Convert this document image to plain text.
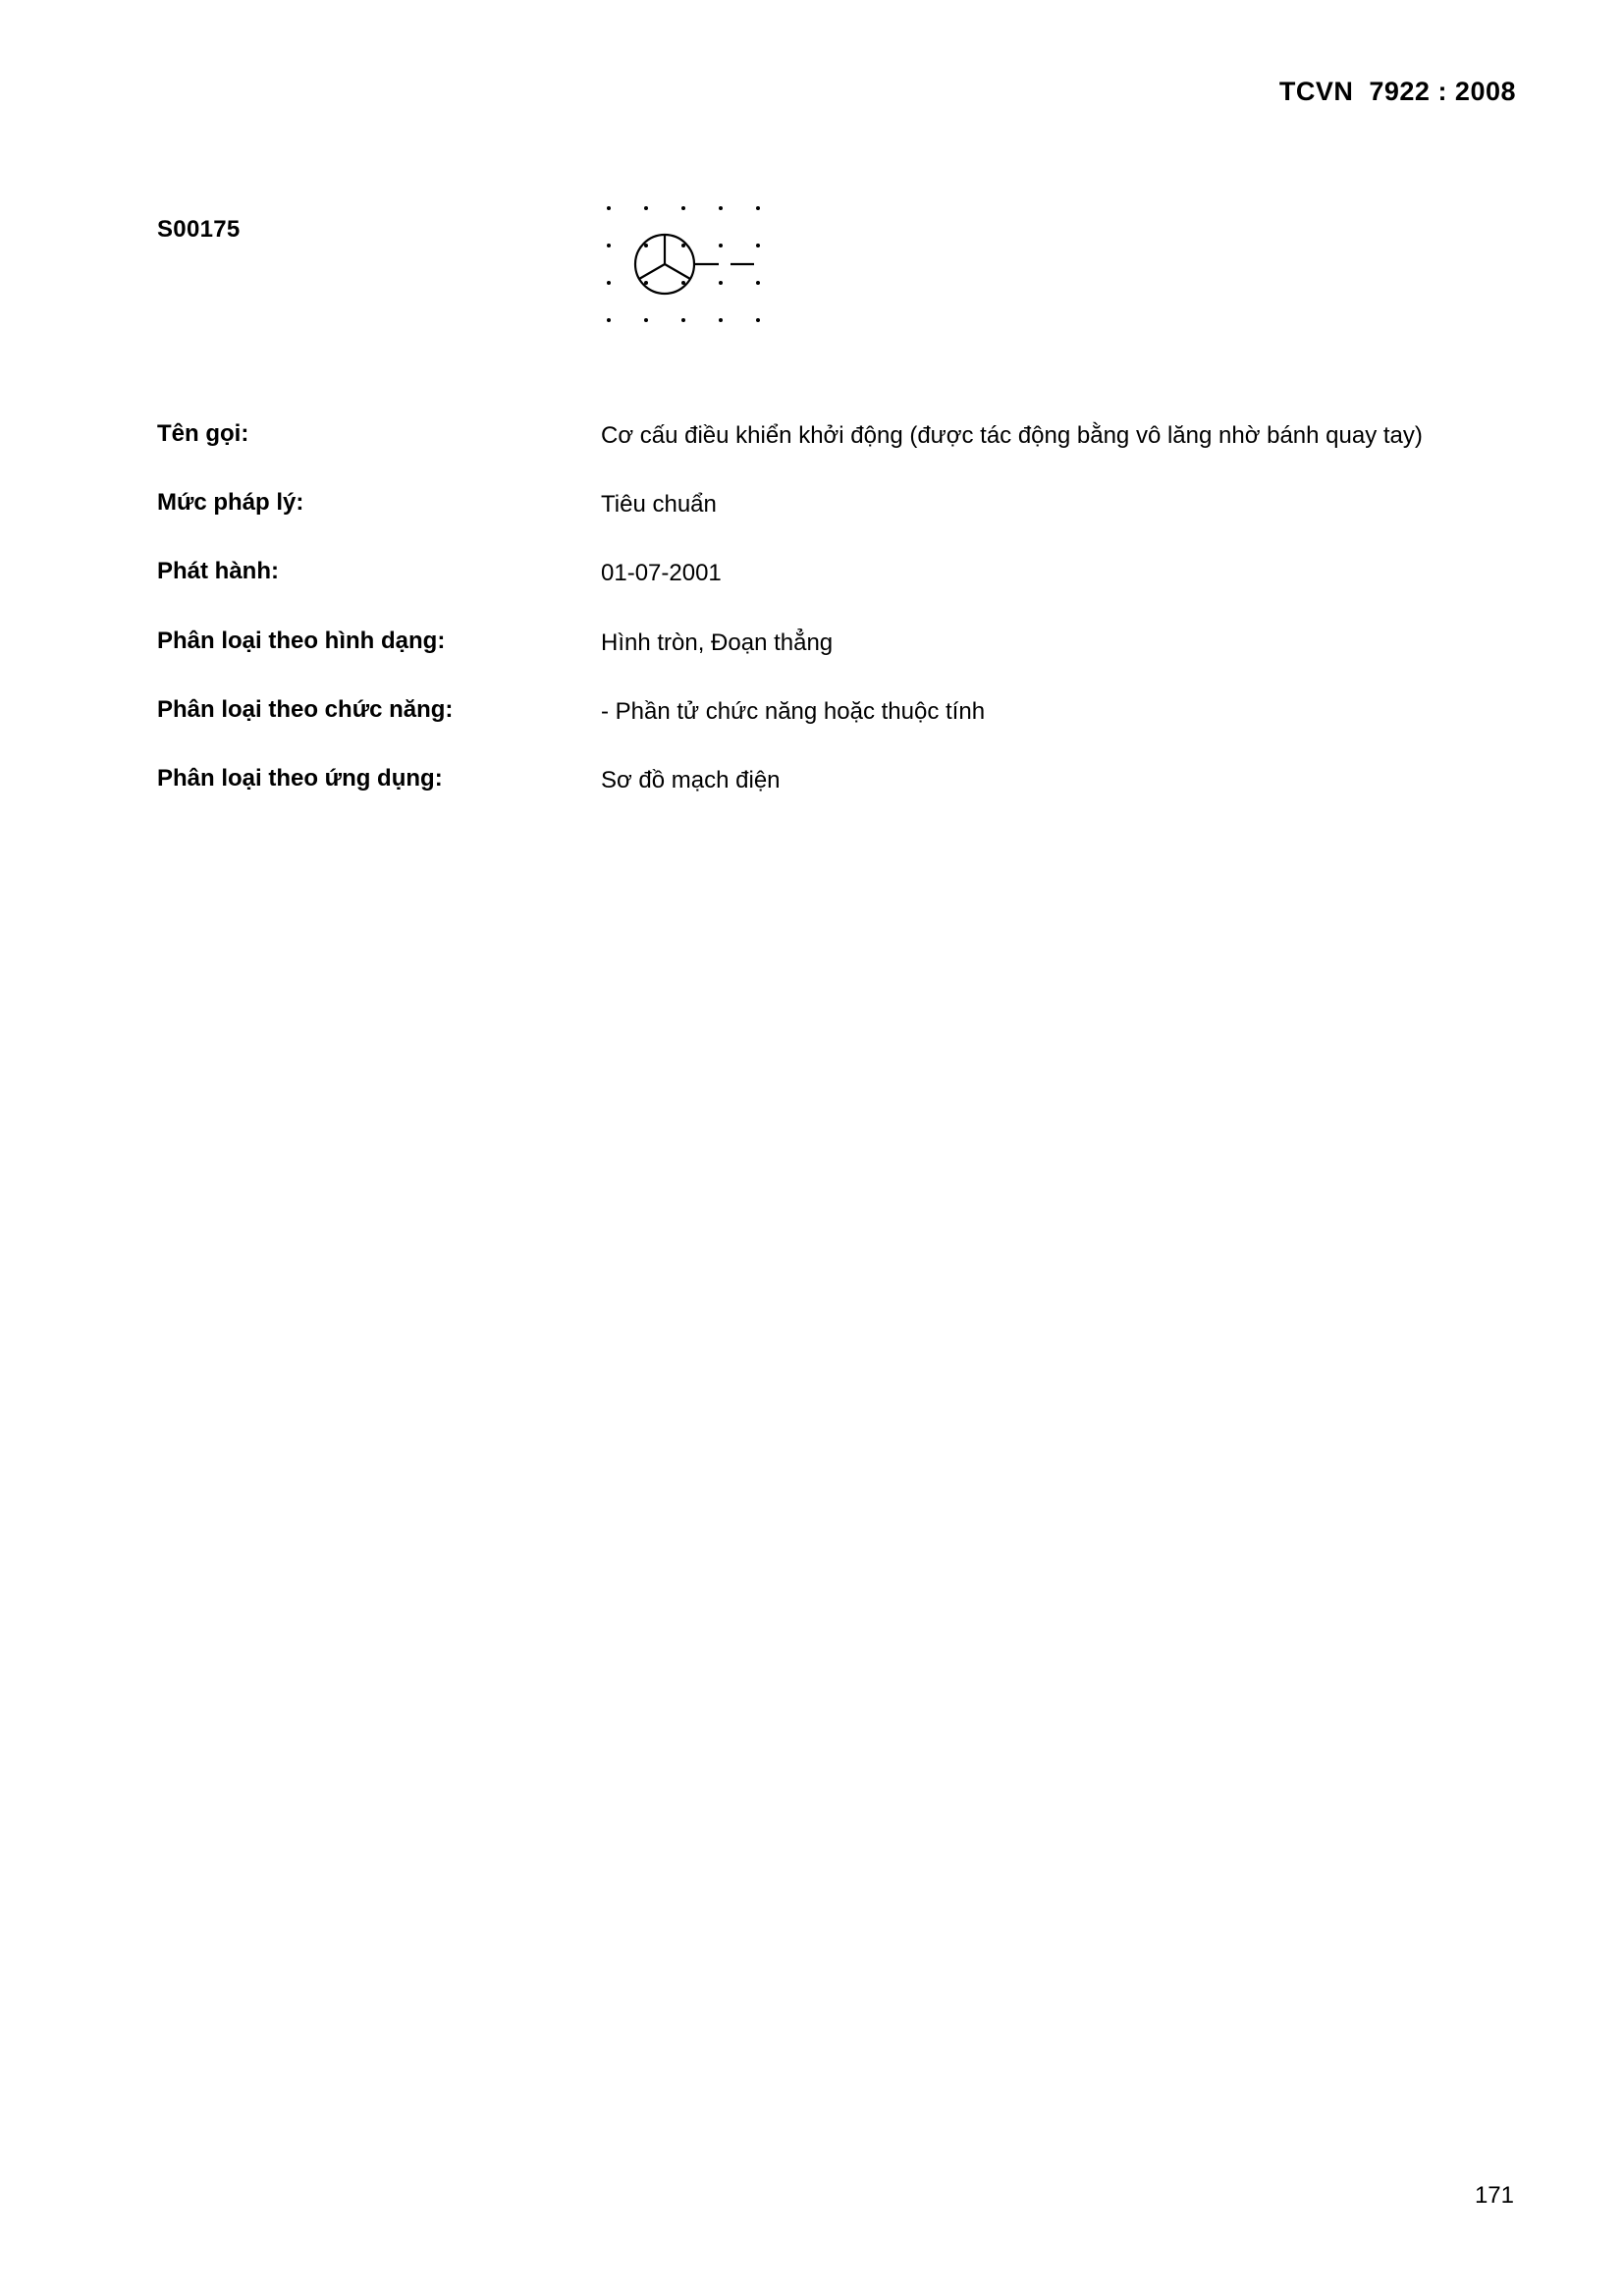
TCVN  7922 : 2008
S00175
Tên gọi:	Cơ cấu điều khiển khởi động (được tác động bằng vô lăng nhờ bánh quay tay)
Mức pháp lý:	Tiêu chuẩn
Phát hành:	01-07-2001
Phân loại theo hình dạng:	Hình tròn, Đoạn thẳng
Phân loại theo chức năng:	- Phần tử chức năng hoặc thuộc tính
Phân loại theo ứng dụng:	Sơ đồ mạch điện
171
